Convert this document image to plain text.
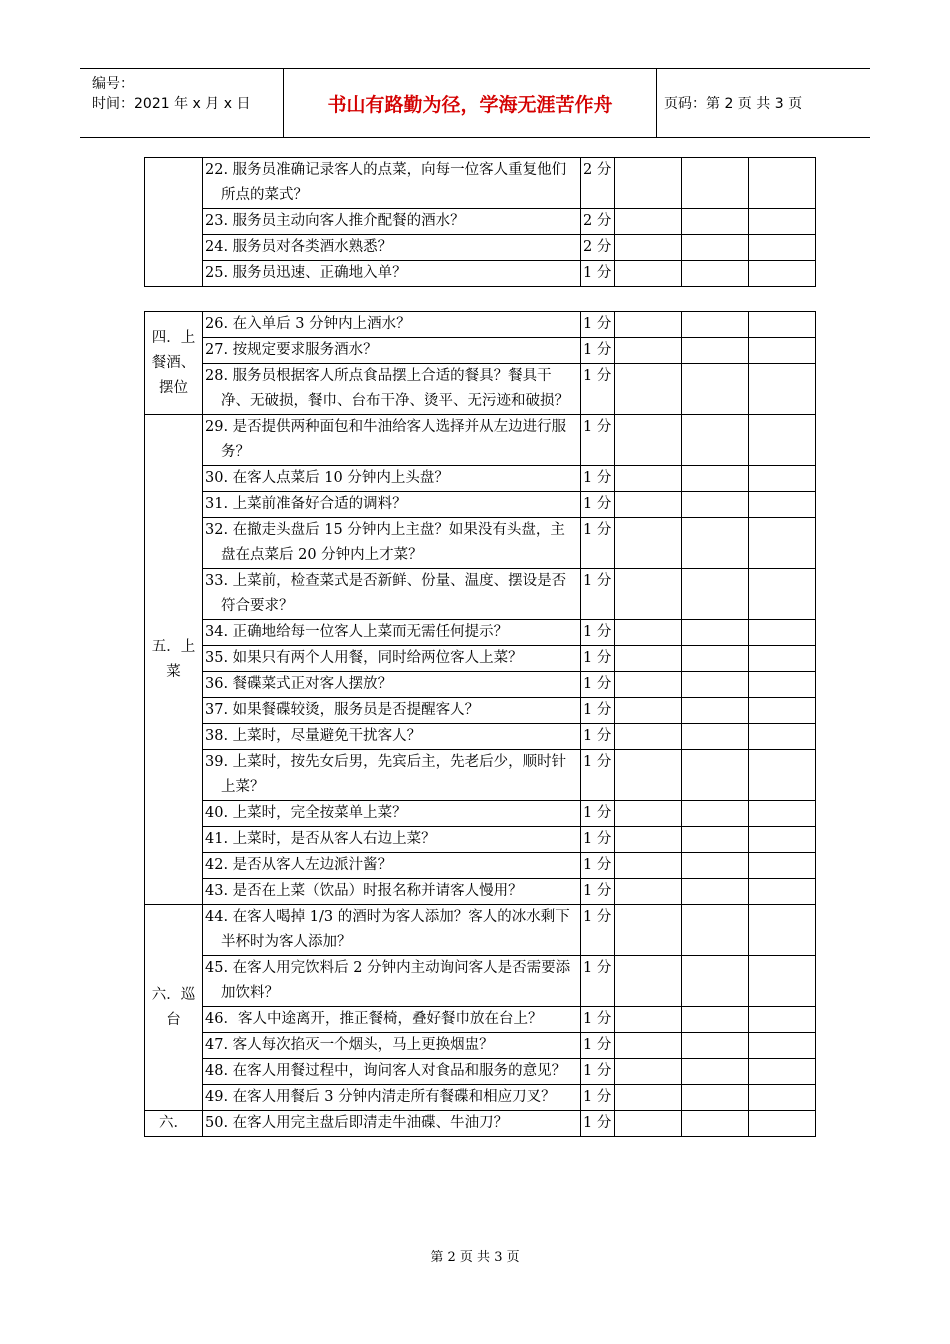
编号：
时间：2021 年 x 月 x 日	书山有路勤为径，学海无涯苦作舟	页码：第 2 页 共 3 页

	22. 服务员准确记录客人的点菜，向每一位客人重复他们所点的菜式？	2 分			

	23. 服务员主动向客人推介配餐的酒水？	2 分			

	24. 服务员对各类酒水熟悉？	2 分			

	25. 服务员迅速、正确地入单？	1 分			
四．上餐酒、摆位	26. 在入单后 3 分钟内上酒水？	1 分			

	27. 按规定要求服务酒水？	1 分			

	28. 服务员根据客人所点食品摆上合适的餐具？餐具干净、无破损，餐巾、台布干净、烫平、无污迹和破损？	1 分			
五．上菜	29. 是否提供两种面包和牛油给客人选择并从左边进行服务？	1 分			

	30. 在客人点菜后 10 分钟内上头盘？	1 分			

	31. 上菜前准备好合适的调料？	1 分			

	32. 在撤走头盘后 15 分钟内上主盘？如果没有头盘，主盘在点菜后 20 分钟内上才菜？	1 分			

	33. 上菜前，检查菜式是否新鲜、份量、温度、摆设是否符合要求？	1 分			

	34. 正确地给每一位客人上菜而无需任何提示？	1 分			

	35. 如果只有两个人用餐，同时给两位客人上菜？	1 分			

	36. 餐碟菜式正对客人摆放？	1 分			

	37. 如果餐碟较烫，服务员是否提醒客人？	1 分			

	38. 上菜时，尽量避免干扰客人？	1 分			

	39. 上菜时，按先女后男，先宾后主，先老后少，顺时针上菜？	1 分			

	40. 上菜时，完全按菜单上菜？	1 分			

	41. 上菜时，是否从客人右边上菜？	1 分			

	42. 是否从客人左边派汁酱？	1 分			

	43. 是否在上菜（饮品）时报名称并请客人慢用？	1 分			
六．巡台	44. 在客人喝掉 1/3 的酒时为客人添加？客人的冰水剩下半杯时为客人添加？	1 分			

	45. 在客人用完饮料后 2 分钟内主动询问客人是否需要添加饮料？	1 分			

	46．客人中途离开，推正餐椅，叠好餐巾放在台上？	1 分			

	47. 客人每次掐灭一个烟头，马上更换烟盅？	1 分			

	48. 在客人用餐过程中，询问客人对食品和服务的意见？	1 分			

	49. 在客人用餐后 3 分钟内清走所有餐碟和相应刀叉？	1 分			
六．	50. 在客人用完主盘后即清走牛油碟、牛油刀？	1 分			
第 2 页 共 3 页
